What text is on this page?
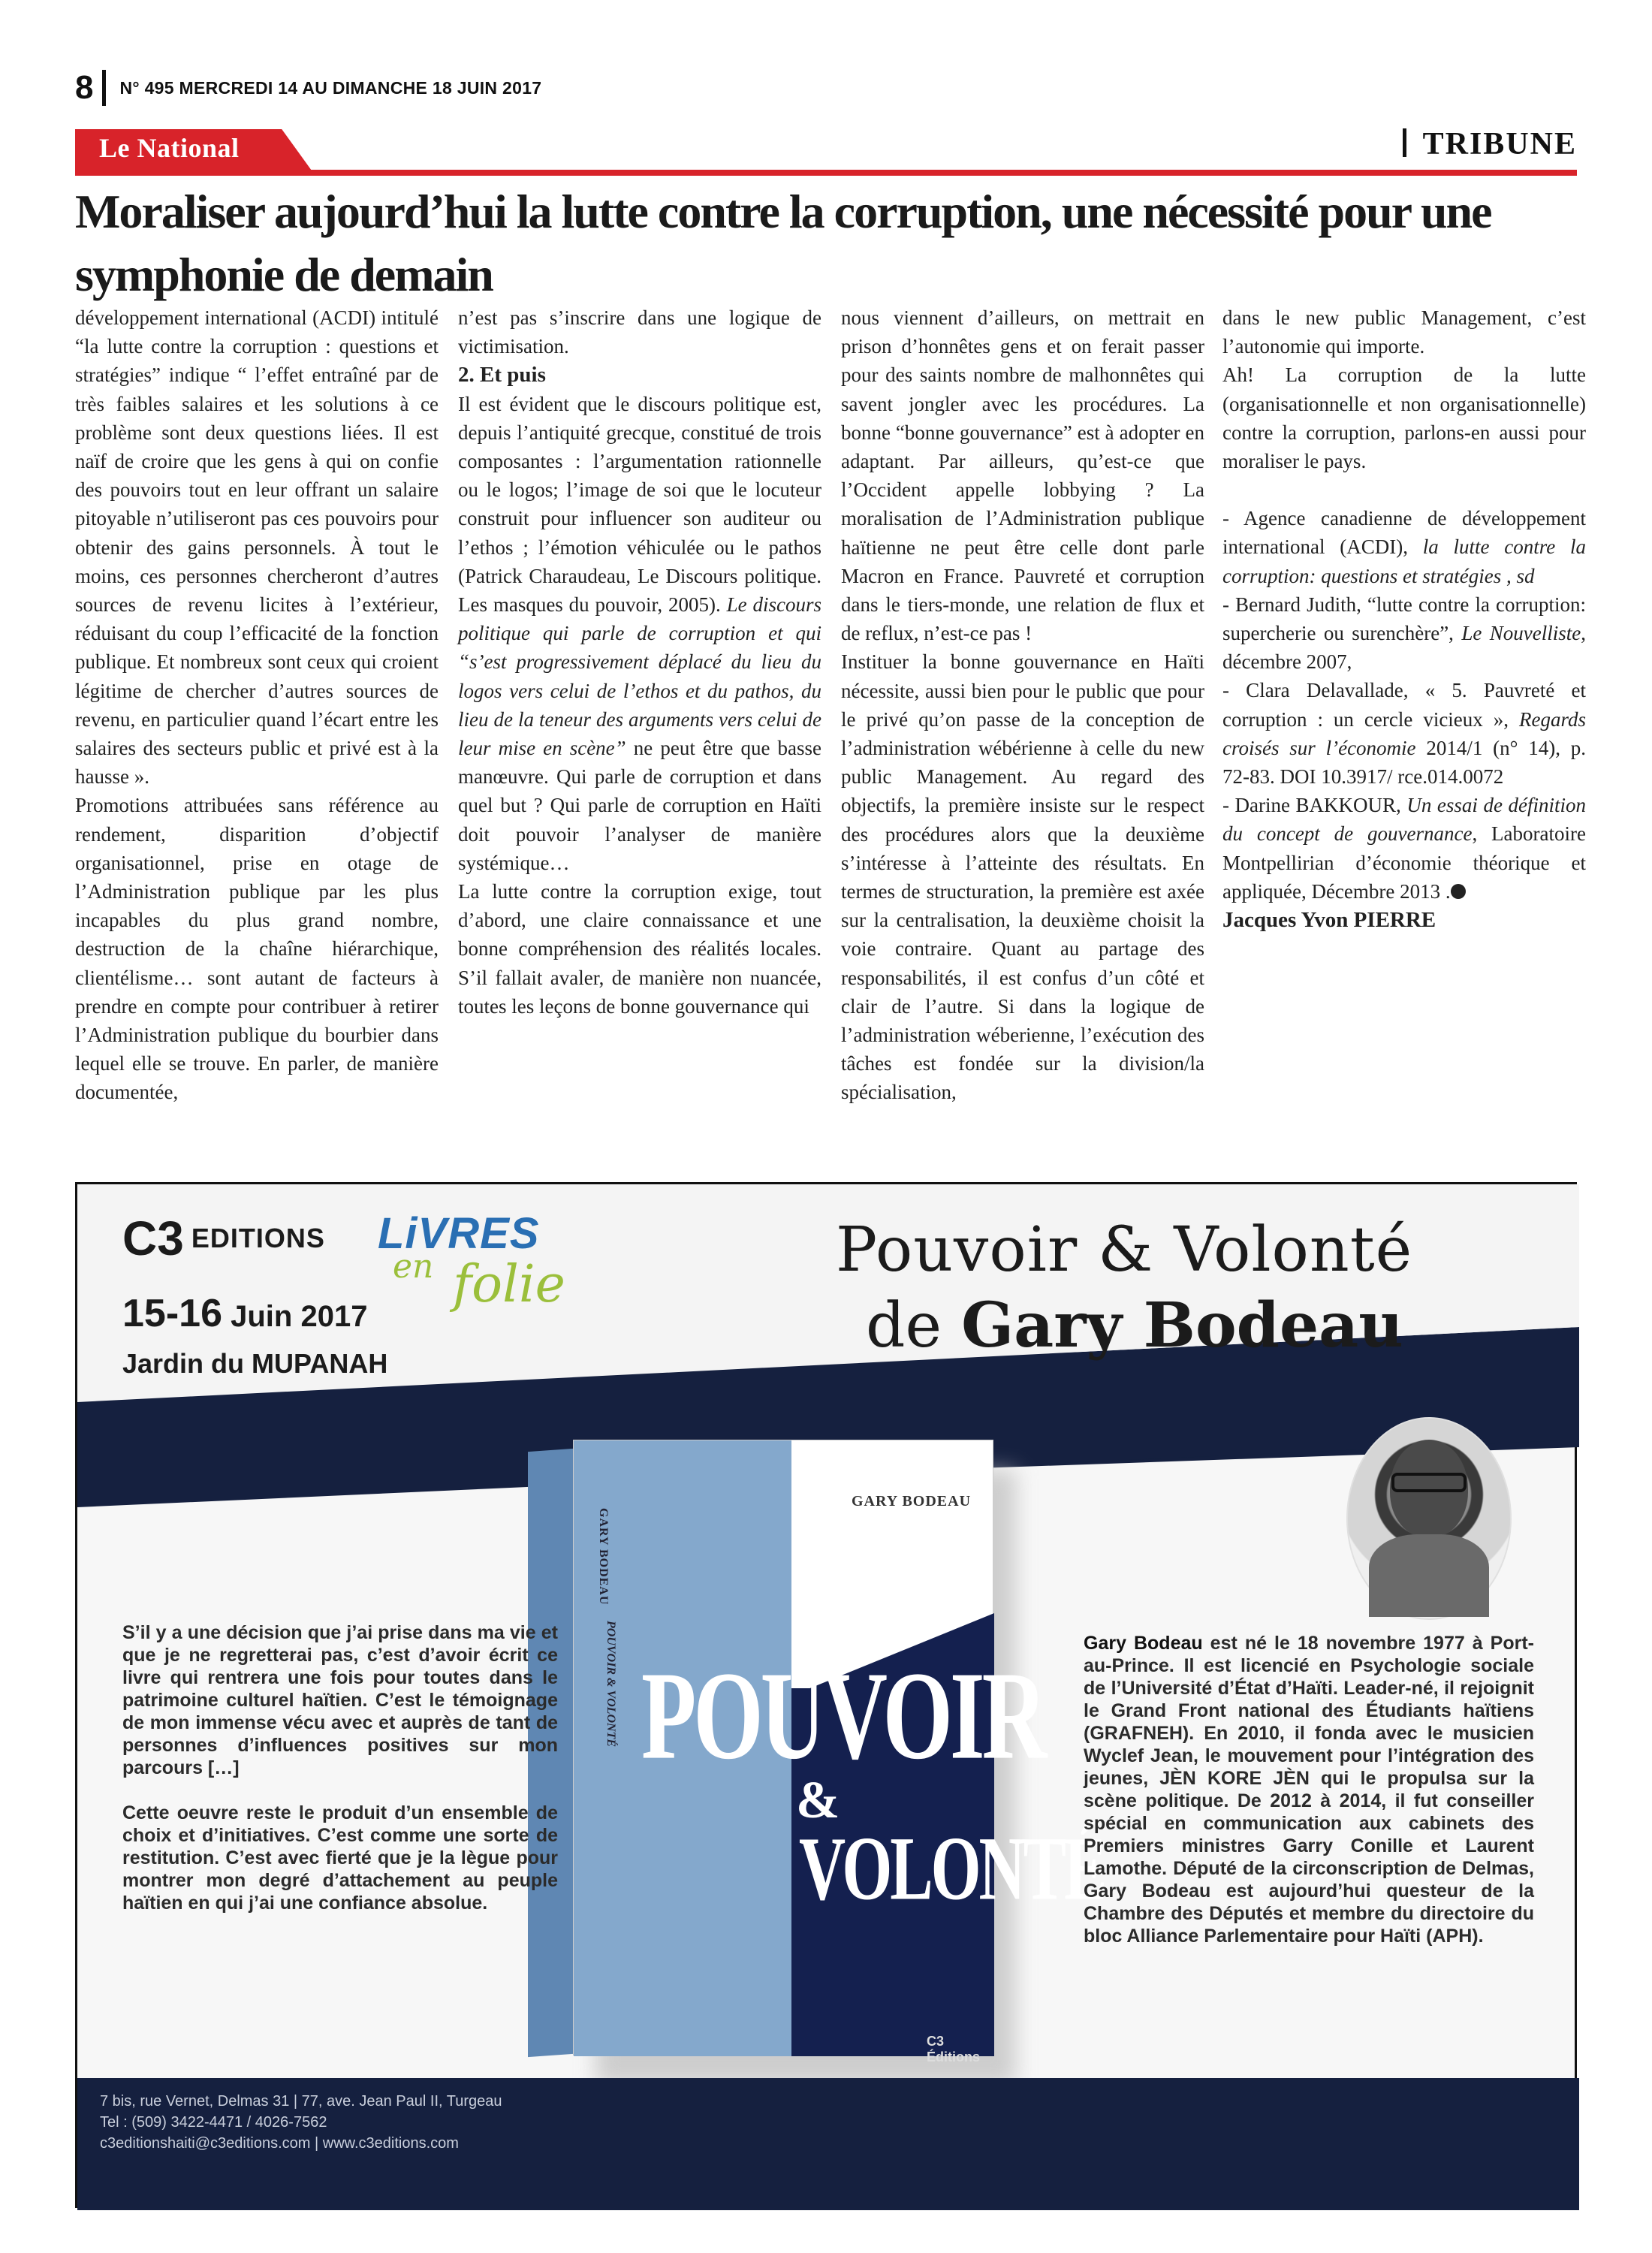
8 N° 495 MERCREDI 14 AU DIMANCHE 18 JUIN 2017
Le National	TRIBUNE
Moraliser aujourd’hui la lutte contre la corruption, une nécessité pour une symphonie de demain

développement international (ACDI) intitulé “la lutte contre la corruption : questions et stratégies” indique “ l’effet entraîné par de très faibles salaires et les solutions à ce problème sont deux questions liées. Il est naïf de croire que les gens à qui on confie des pouvoirs tout en leur offrant un salaire pitoyable n’utiliseront pas ces pouvoirs pour obtenir des gains personnels. À tout le moins, ces personnes chercheront d’autres sources de revenu licites à l’extérieur, réduisant du coup l’efficacité de la fonction publique. Et nombreux sont ceux qui croient légitime de chercher d’autres sources de revenu, en particulier quand l’écart entre les salaires des secteurs public et privé est à la hausse ».

Promotions attribuées sans référence au rendement, disparition d’objectif organisationnel, prise en otage de l’Administration publique par les plus incapables du plus grand nombre, destruction de la chaîne hiérarchique, clientélisme… sont autant de facteurs à prendre en compte pour contribuer à retirer l’Administration publique du bourbier dans lequel elle se trouve. En parler, de manière documentée,

n’est pas s’inscrire dans une logique de victimisation.

2. Et puis

Il est évident que le discours politique est, depuis l’antiquité grecque, constitué de trois composantes : l’argumentation rationnelle ou le logos; l’image de soi que le locuteur construit pour influencer son auditeur ou l’ethos ; l’émotion véhiculée ou le pathos (Patrick Charaudeau, Le Discours politique. Les masques du pouvoir, 2005). Le discours politique qui parle de corruption et qui “s’est progressivement déplacé du lieu du logos vers celui de l’ethos et du pathos, du lieu de la teneur des arguments vers celui de leur mise en scène” ne peut être que basse manœuvre. Qui parle de corruption et dans quel but ? Qui parle de corruption en Haïti doit pouvoir l’analyser de manière systémique…

La lutte contre la corruption exige, tout d’abord, une claire connaissance et une bonne compréhension des réalités locales. S’il fallait avaler, de manière non nuancée, toutes les leçons de bonne gouvernance qui

nous viennent d’ailleurs, on mettrait en prison d’honnêtes gens et on ferait passer pour des saints nombre de malhonnêtes qui savent jongler avec les procédures. La bonne “bonne gouvernance” est à adopter en adaptant. Par ailleurs, qu’est-ce que l’Occident appelle lobbying ? La moralisation de l’Administration publique haïtienne ne peut être celle dont parle Macron en France. Pauvreté et corruption dans le tiers-monde, une relation de flux et de reflux, n’est-ce pas !

Instituer la bonne gouvernance en Haïti nécessite, aussi bien pour le public que pour le privé qu’on passe de la conception de l’administration wébérienne à celle du new public Management. Au regard des objectifs, la première insiste sur le respect des procédures alors que la deuxième s’intéresse à l’atteinte des résultats. En termes de structuration, la première est axée sur la centralisation, la deuxième choisit la voie contraire. Quant au partage des responsabilités, il est confus d’un côté et clair de l’autre. Si dans la logique de l’administration wéberienne, l’exécution des tâches est fondée sur la division/la spécialisation,

dans le new public Management, c’est l’autonomie qui importe.

Ah! La corruption de la lutte (organisationnelle et non organisationnelle) contre la corruption, parlons-en aussi pour moraliser le pays.

- Agence canadienne de développement international (ACDI), la lutte contre la corruption: questions et stratégies , sd

- Bernard Judith, “lutte contre la corruption: supercherie ou surenchère”, Le Nouvelliste, décembre 2007,

- Clara Delavallade, « 5. Pauvreté et corruption : un cercle vicieux », Regards croisés sur l’économie 2014/1 (n° 14), p. 72-83. DOI 10.3917/ rce.014.0072

- Darine BAKKOUR, Un essai de définition du concept de gouvernance, Laboratoire Montpellirian d’économie théorique et appliquée, Décembre 2013 .

Jacques Yvon PIERRE

C3 EDITIONS LiVRES
en folie
15-16 Juin 2017
Jardin du MUPANAH
Pouvoir & Volonté
de Gary Bodeau
GARY BODEAU
POUVOIR & VOLONTÉ
GARY BODEAU
POUVOIR
&
VOLONTÉ
C3 Éditions

S’il y a une décision que j’ai prise dans ma vie et que je ne regretterai pas, c’est d’avoir écrit ce livre qui rentrera une fois pour toutes dans le patrimoine culturel haïtien. C’est le témoignage de mon immense vécu avec et auprès de tant de personnes d’influences positives sur mon parcours […]

Cette oeuvre reste le produit d’un ensemble de choix et d’initiatives. C’est comme une sorte de restitution. C’est avec fierté que je la lègue pour montrer mon degré d’attachement au peuple haïtien en qui j’ai une confiance absolue.

Gary Bodeau est né le 18 novembre 1977 à Port-au-Prince. Il est licencié en Psychologie sociale de l’Université d’État d’Haïti. Leader-né, il rejoignit le Grand Front national des Étudiants haïtiens (GRAFNEH). En 2010, il fonda avec le musicien Wyclef Jean, le mouvement pour l’intégration des jeunes, JÈN KORE JÈN qui le propulsa sur la scène politique. De 2012 à 2014, il fut conseiller spécial en communication aux cabinets des Premiers ministres Garry Conille et Laurent Lamothe. Député de la circonscription de Delmas, Gary Bodeau est aujourd’hui questeur de la Chambre des Députés et membre du directoire du bloc Alliance Parlementaire pour Haïti (APH).
7 bis, rue Vernet, Delmas 31 | 77, ave. Jean Paul II, Turgeau
Tel : (509) 3422-4471 / 4026-7562
c3editionshaiti@c3editions.com | www.c3editions.com
